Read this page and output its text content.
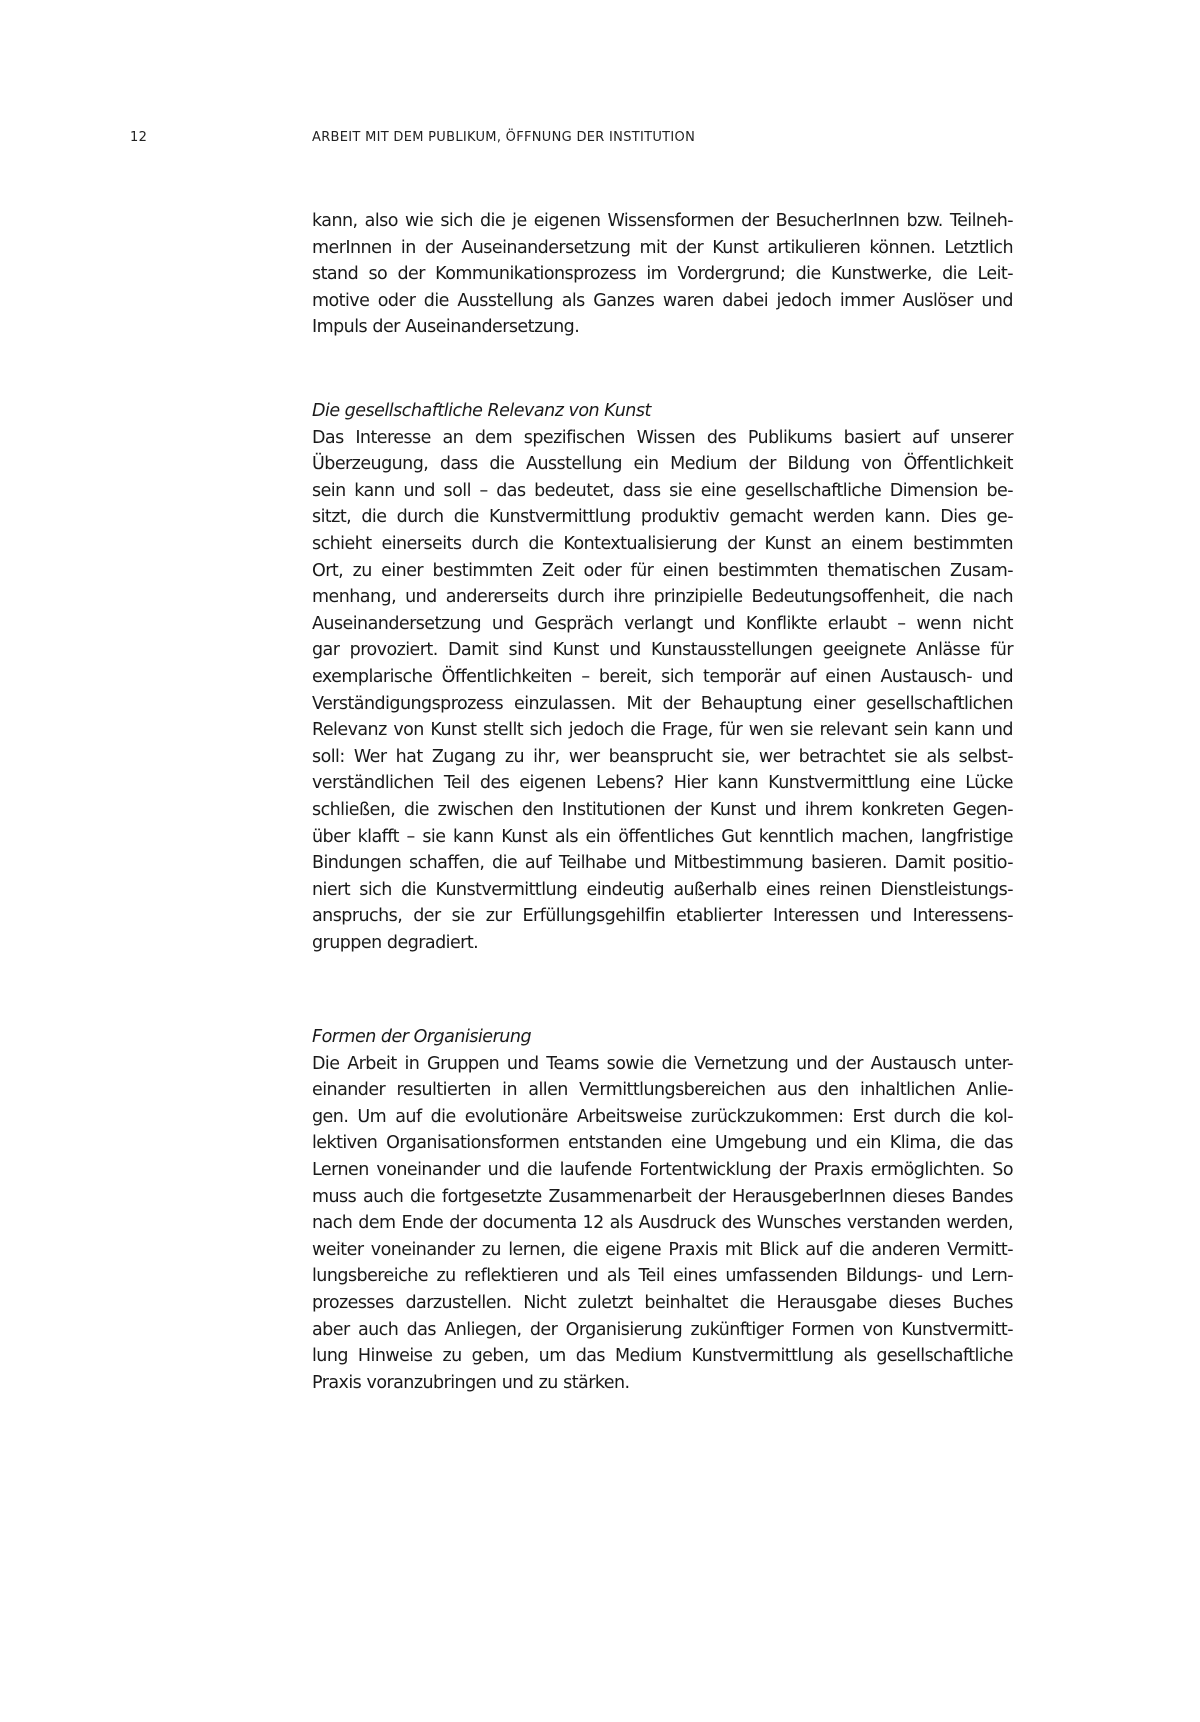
12	ARBEIT MIT DEM PUBLIKUM, ÖFFNUNG DER INSTITUTION
kann, also wie sich die je eigenen Wissensformen der BesucherInnen bzw. Teilneh-
merInnen in der Auseinandersetzung mit der Kunst artikulieren können. Letztlich
stand so der Kommunikationsprozess im Vordergrund; die Kunstwerke, die Leit-
motive oder die Ausstellung als Ganzes waren dabei jedoch immer Auslöser und
Impuls der Auseinandersetzung.
Die gesellschaftliche Relevanz von Kunst
Das Interesse an dem spezifischen Wissen des Publikums basiert auf unserer
Überzeugung, dass die Ausstellung ein Medium der Bildung von Öffentlichkeit
sein kann und soll – das bedeutet, dass sie eine gesellschaftliche Dimension be-
sitzt, die durch die Kunstvermittlung produktiv gemacht werden kann. Dies ge-
schieht einerseits durch die Kontextualisierung der Kunst an einem bestimmten
Ort, zu einer bestimmten Zeit oder für einen bestimmten thematischen Zusam-
menhang, und andererseits durch ihre prinzipielle Bedeutungsoffenheit, die nach
Auseinandersetzung und Gespräch verlangt und Konflikte erlaubt – wenn nicht
gar provoziert. Damit sind Kunst und Kunstausstellungen geeignete Anlässe für
exemplarische Öffentlichkeiten – bereit, sich temporär auf einen Austausch- und
Verständigungsprozess einzulassen. Mit der Behauptung einer gesellschaftlichen
Relevanz von Kunst stellt sich jedoch die Frage, für wen sie relevant sein kann und
soll: Wer hat Zugang zu ihr, wer beansprucht sie, wer betrachtet sie als selbst-
verständlichen Teil des eigenen Lebens? Hier kann Kunstvermittlung eine Lücke
schließen, die zwischen den Institutionen der Kunst und ihrem konkreten Gegen-
über klafft – sie kann Kunst als ein öffentliches Gut kenntlich machen, langfristige
Bindungen schaffen, die auf Teilhabe und Mitbestimmung basieren. Damit positio-
niert sich die Kunstvermittlung eindeutig außerhalb eines reinen Dienstleistungs-
anspruchs, der sie zur Erfüllungsgehilfin etablierter Interessen und Interessens-
gruppen degradiert.
Formen der Organisierung
Die Arbeit in Gruppen und Teams sowie die Vernetzung und der Austausch unter-
einander resultierten in allen Vermittlungsbereichen aus den inhaltlichen Anlie-
gen. Um auf die evolutionäre Arbeitsweise zurückzukommen: Erst durch die kol-
lektiven Organisationsformen entstanden eine Umgebung und ein Klima, die das
Lernen voneinander und die laufende Fortentwicklung der Praxis ermöglichten. So
muss auch die fortgesetzte Zusammenarbeit der HerausgeberInnen dieses Bandes
nach dem Ende der documenta 12 als Ausdruck des Wunsches verstanden werden,
weiter voneinander zu lernen, die eigene Praxis mit Blick auf die anderen Vermitt-
lungsbereiche zu reflektieren und als Teil eines umfassenden Bildungs- und Lern-
prozesses darzustellen. Nicht zuletzt beinhaltet die Herausgabe dieses Buches
aber auch das Anliegen, der Organisierung zukünftiger Formen von Kunstvermitt-
lung Hinweise zu geben, um das Medium Kunstvermittlung als gesellschaftliche
Praxis voranzubringen und zu stärken.
